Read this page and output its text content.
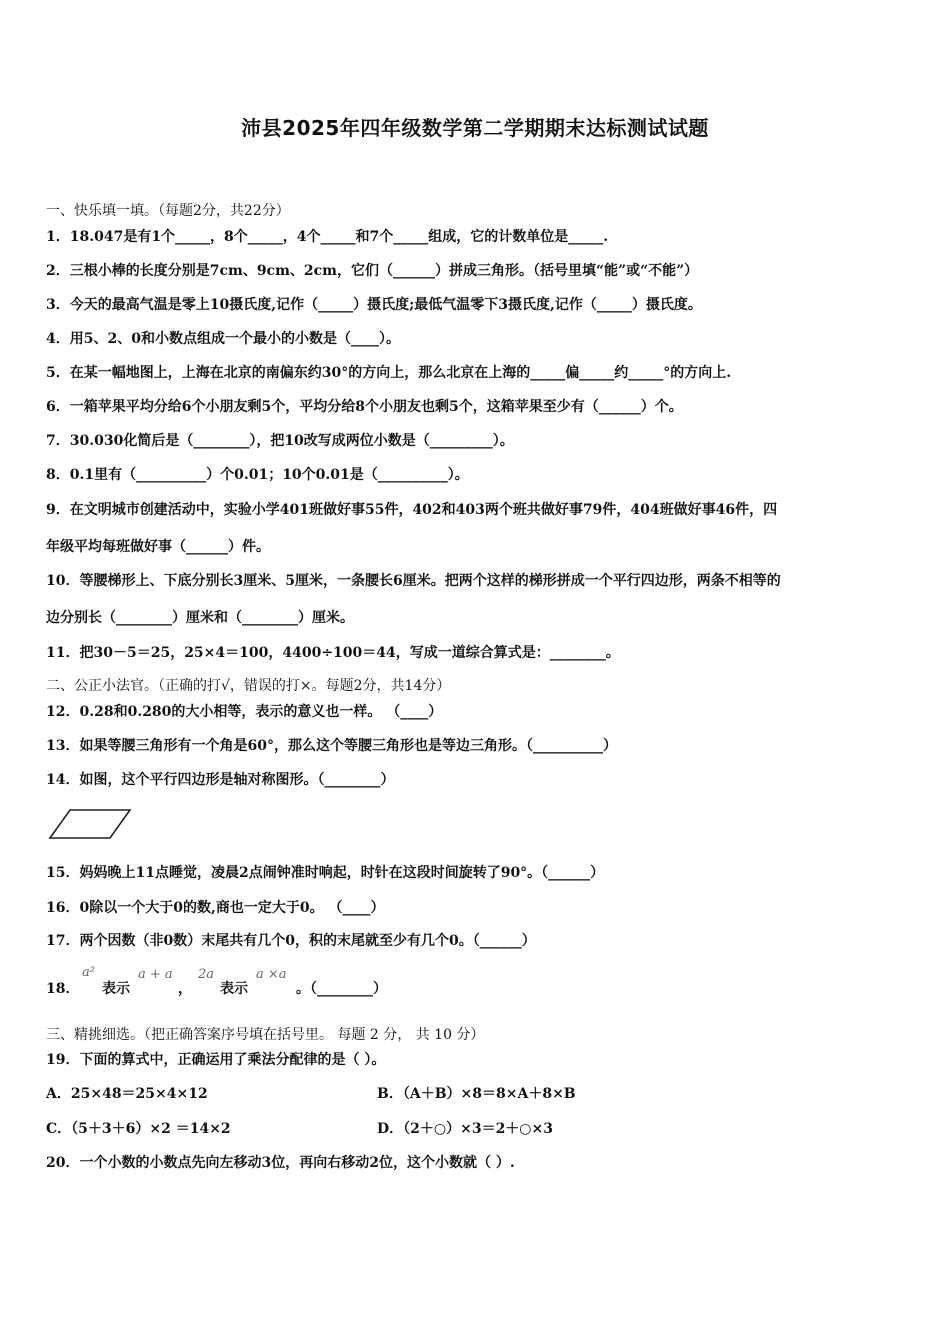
沛县2025年四年级数学第二学期期末达标测试试题
一、快乐填一填。（每题2分，共22分）
1．18.047是有1个_____，8个_____，4个_____和7个_____组成，它的计数单位是_____.
2．三根小棒的长度分别是7cm、9cm、2cm，它们（______）拼成三角形。（括号里填“能”或“不能”）
3．今天的最高气温是零上10摄氏度,记作（_____）摄氏度;最低气温零下3摄氏度,记作（_____）摄氏度。
4．用5、2、0和小数点组成一个最小的小数是（____）。
5．在某一幅地图上，上海在北京的南偏东约30°的方向上，那么北京在上海的_____偏_____约_____°的方向上.
6．一箱苹果平均分给6个小朋友剩5个，平均分给8个小朋友也剩5个，这箱苹果至少有（______）个。
7．30.030化简后是（________），把10改写成两位小数是（_________）。
8．0.1里有（__________）个0.01；10个0.01是（__________）。
9．在文明城市创建活动中，实验小学401班做好事55件，402和403两个班共做好事79件，404班做好事46件，四
年级平均每班做好事（______）件。
10．等腰梯形上、下底分别长3厘米、5厘米，一条腰长6厘米。把两个这样的梯形拼成一个平行四边形，两条不相等的
边分别长（________）厘米和（________）厘米。
11．把30－5＝25，25×4＝100，4400÷100＝44，写成一道综合算式是：________。
二、公正小法官。（正确的打√，错误的打×。每题2分，共14分）
12．0.28和0.280的大小相等，表示的意义也一样。 （____）
13．如果等腰三角形有一个角是60°，那么这个等腰三角形也是等边三角形。（__________）
14．如图，这个平行四边形是轴对称图形。（________）
15．妈妈晚上11点睡觉，凌晨2点闹钟准时响起，时针在这段时间旋转了90°。（______）
16．0除以一个大于0的数,商也一定大于0。 （____）
17．两个因数（非0数）末尾共有几个0，积的末尾就至少有几个0。（______）
18．
a²
表示
a + a
，
2a
表示
a ×a
。（________）
三、精挑细选。（把正确答案序号填在括号里。 每题 2 分， 共 10 分）
19．下面的算式中，正确运用了乘法分配律的是（ ）。
A．25×48＝25×4×12	B．（A＋B）×8＝8×A＋8×B
C．（5＋3＋6）×2 ＝14×2	D．（2＋○）×3＝2＋○×3
20．一个小数的小数点先向左移动3位，再向右移动2位，这个小数就（ ）.
